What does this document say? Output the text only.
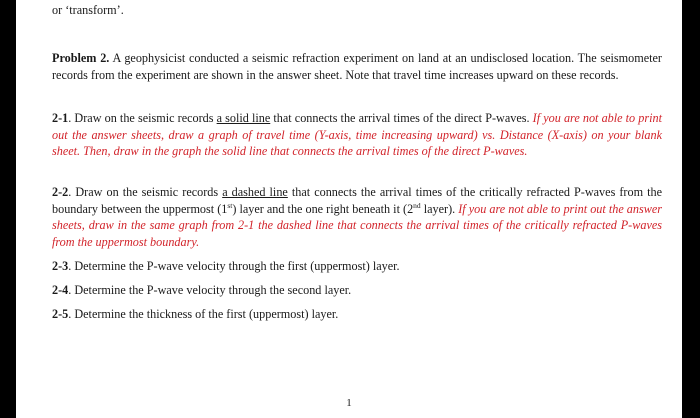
or ‘transform’.
Problem 2. A geophysicist conducted a seismic refraction experiment on land at an undisclosed location. The seismometer records from the experiment are shown in the answer sheet. Note that travel time increases upward on these records.
2-1. Draw on the seismic records a solid line that connects the arrival times of the direct P-waves. If you are not able to print out the answer sheets, draw a graph of travel time (Y-axis, time increasing upward) vs. Distance (X-axis) on your blank sheet. Then, draw in the graph the solid line that connects the arrival times of the direct P-waves.
2-2. Draw on the seismic records a dashed line that connects the arrival times of the critically refracted P-waves from the boundary between the uppermost (1st) layer and the one right beneath it (2nd layer). If you are not able to print out the answer sheets, draw in the same graph from 2-1 the dashed line that connects the arrival times of the critically refracted P-waves from the uppermost boundary.
2-3. Determine the P-wave velocity through the first (uppermost) layer.
2-4. Determine the P-wave velocity through the second layer.
2-5. Determine the thickness of the first (uppermost) layer.
1
